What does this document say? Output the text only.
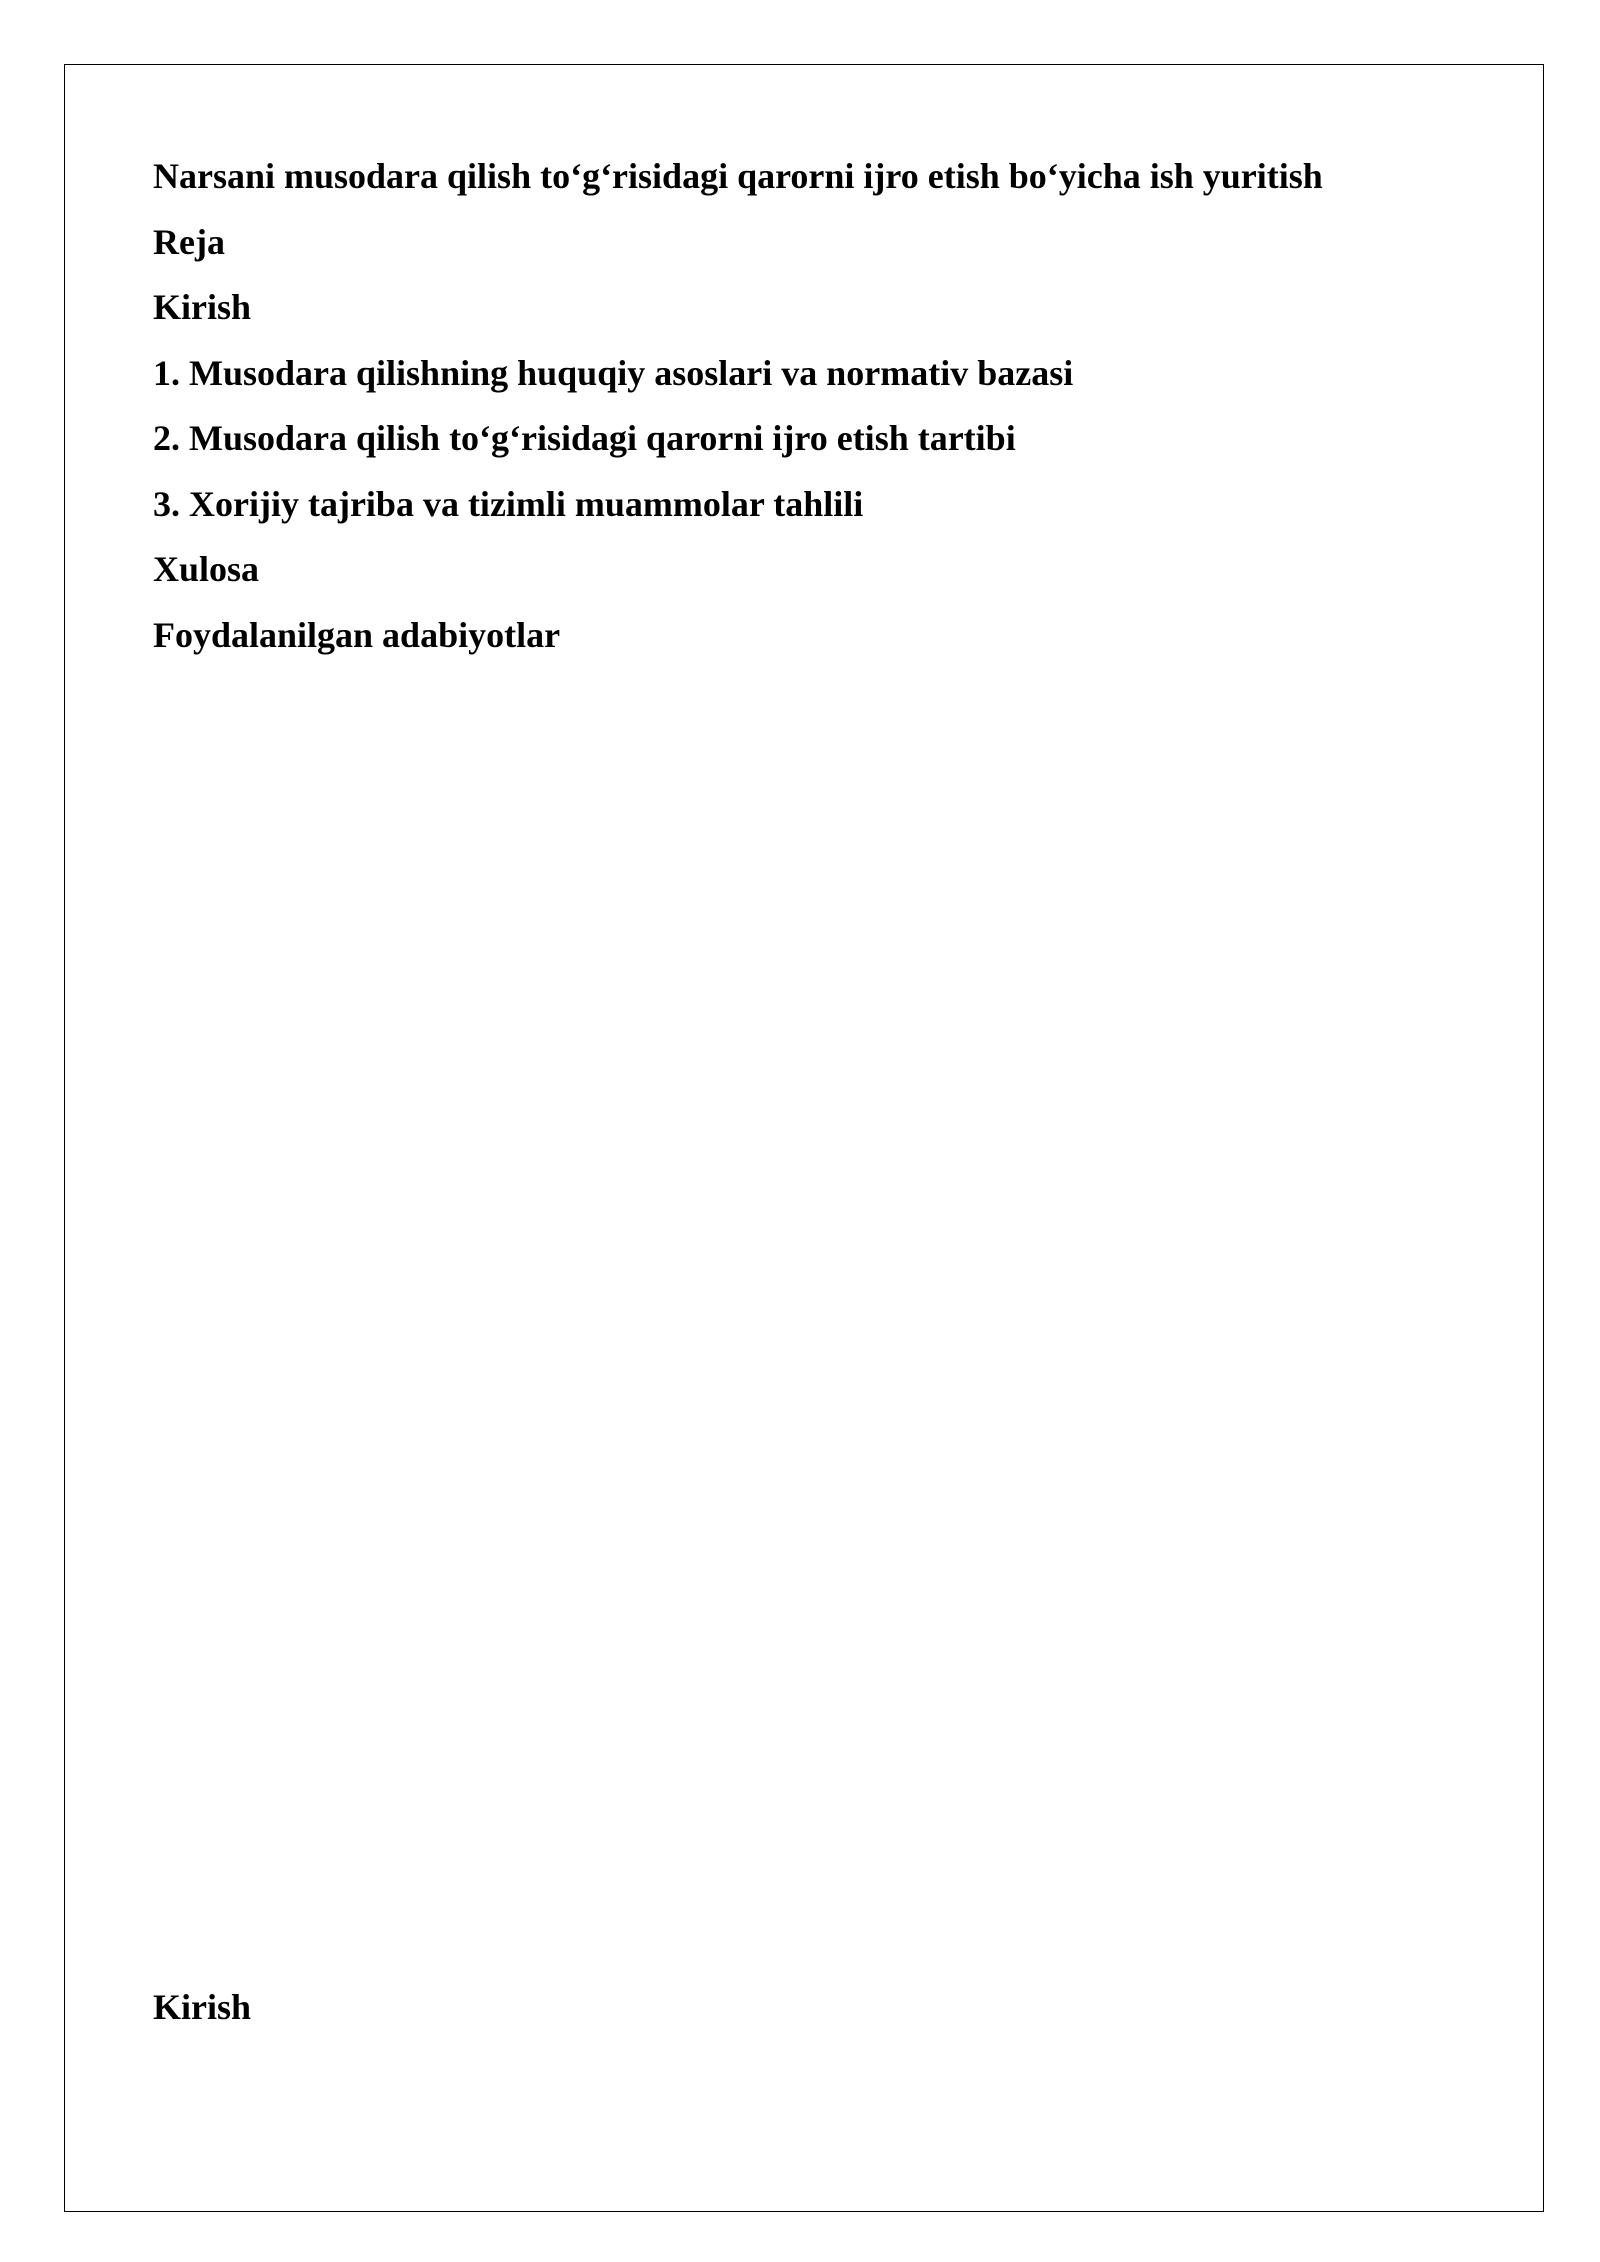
Narsani musodara qilish to‘g‘risidagi qarorni ijro etish bo‘yicha ish yuritish
Reja
Kirish
1. Musodara qilishning huquqiy asoslari va normativ bazasi
2. Musodara qilish to‘g‘risidagi qarorni ijro etish tartibi
3. Xorijiy tajriba va tizimli muammolar tahlili
Xulosa
Foydalanilgan adabiyotlar
Kirish
